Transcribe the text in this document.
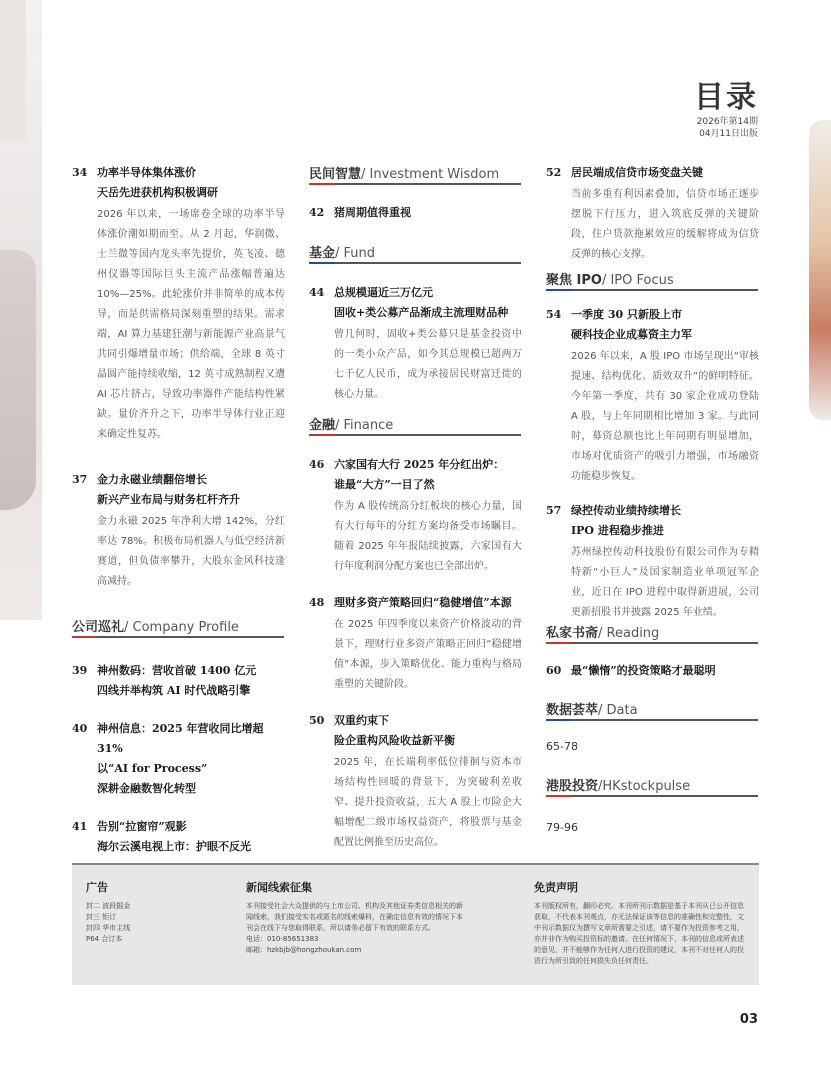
目录
2026年第14期
04月11日出版
34 功率半导体集体涨价
天岳先进获机构积极调研
2026 年以来，一场席卷全球的功率半导体涨价潮如期而至。从 2 月起，华润微、士兰微等国内龙头率先提价，英飞凌、德州仪器等国际巨头主流产品涨幅普遍达 10%—25%。此轮涨价并非简单的成本传导，而是供需格局深刻重塑的结果。需求端，AI 算力基建狂潮与新能源产业高景气共同引爆增量市场；供给端，全球 8 英寸晶圆产能持续收缩，12 英寸成熟制程又遭 AI 芯片挤占，导致功率器件产能结构性紧缺。量价齐升之下，功率半导体行业正迎来确定性复苏。
37 金力永磁业绩翻倍增长
新兴产业布局与财务杠杆齐升
金力永磁 2025 年净利大增 142%，分红率达 78%。积极布局机器人与低空经济新赛道，但负债率攀升，大股东金风科技逢高减持。
公司巡礼/ Company Profile
39 神州数码：营收首破 1400 亿元
四线并举构筑 AI 时代战略引擎
40 神州信息：2025 年营收同比增超 31%
以“AI for Process”
深耕金融数智化转型
41 告别“拉窗帘”观影
海尔云溪电视上市：护眼不反光
民间智慧/ Investment Wisdom
42 猪周期值得重视
基金/ Fund
44 总规模逼近三万亿元
固收+类公募产品渐成主流理财品种
曾几何时，固收+类公募只是基金投资中的一类小众产品，如今其总规模已超两万七千亿人民币，成为承接居民财富迁徙的核心力量。
金融/ Finance
46 六家国有大行 2025 年分红出炉：
谁最“大方”一目了然
作为 A 股传统高分红板块的核心力量，国有大行每年的分红方案均备受市场瞩目。随着 2025 年年报陆续披露，六家国有大行年度利润分配方案也已全部出炉。
48 理财多资产策略回归“稳健增值”本源
在 2025 年四季度以来资产价格波动的背景下，理财行业多资产策略正回归“稳健增值”本源，步入策略优化、能力重构与格局重塑的关键阶段。
50 双重约束下
险企重构风险收益新平衡
2025 年，在长端利率低位徘徊与资本市场结构性回暖的背景下，为突破利差收窄、提升投资收益，五大 A 股上市险企大幅增配二级市场权益资产，将股票与基金配置比例推至历史高位。
52 居民端成信贷市场变盘关键
当前多重有利因素叠加，信贷市场正逐步摆脱下行压力，进入筑底反弹的关键阶段，住户贷款拖累效应的缓解将成为信贷反弹的核心支撑。
聚焦 IPO/ IPO Focus
54 一季度 30 只新股上市
硬科技企业成募资主力军
2026 年以来，A 股 IPO 市场呈现出“审核提速、结构优化、质效双升”的鲜明特征。今年第一季度，共有 30 家企业成功登陆 A 股，与上年同期相比增加 3 家。与此同时，募资总额也比上年同期有明显增加，市场对优质资产的吸引力增强，市场融资功能稳步恢复。
57 绿控传动业绩持续增长
IPO 进程稳步推进
苏州绿控传动科技股份有限公司作为专精特新“小巨人”及国家制造业单项冠军企业，近日在 IPO 进程中取得新进展，公司更新招股书并披露 2025 年业绩。
私家书斋/ Reading
60 最“懒惰”的投资策略才最聪明
数据荟萃/ Data
65-78
港股投资/HKstockpulse
79-96
广告
封二 波段掘金
封三 钜订
封四 华市主线
P64 合订本
新闻线索征集
本刊接受社会大众提供的与上市公司、机构及其他证券类信息相关的新闻线索，我们接受实名或匿名的线索爆料，在确定信息有效的情况下本刊会在线下与您取得联系，所以请务必留下有效的联系方式。
电话：010-85651383
邮箱：hzkbjb@hongzhoukan.com
免责声明
本刊版权所有，翻印必究。本刊所刊示数据是基于本刊从已公开信息获取，不代表本刊观点，亦无法保证该等信息的准确性和完整性，文中刊示数据仅为撰写文章所需要之引述，请不要作为投资参考之用，亦并非作为购买投资标的邀请。在任何情况下，本刊的信息或所表述的意见，并不能够作为任何人进行投资的建议，本刊不对任何人的投资行为所引致的任何损失负任何责任。
03
